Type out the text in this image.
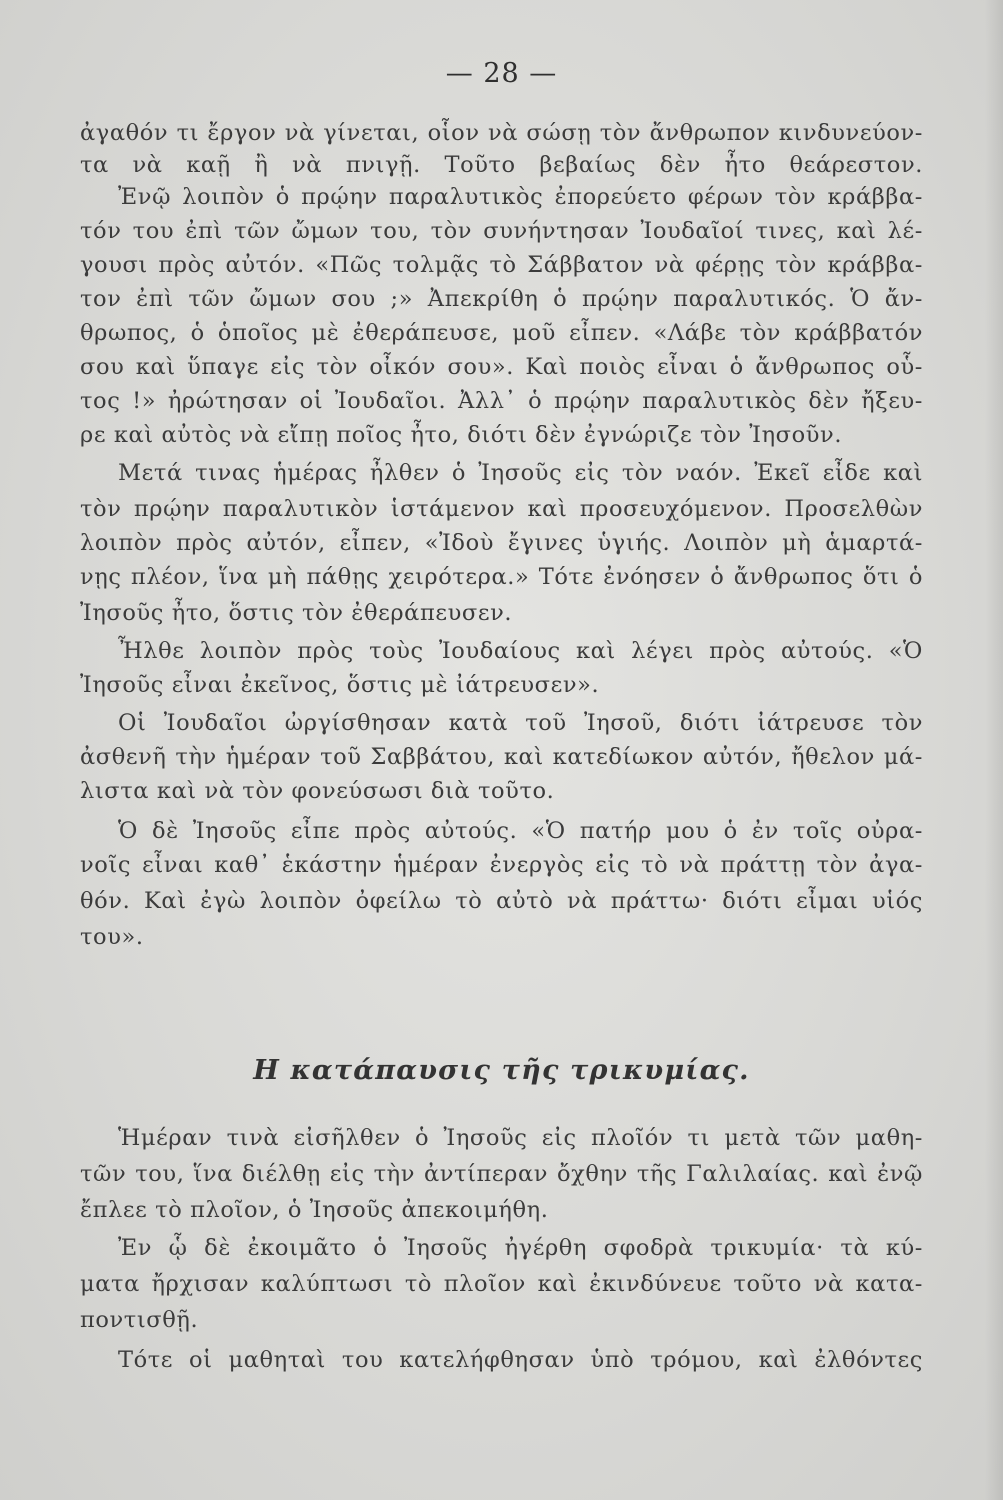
— 28 —
ἀγαθόν τι ἔργον νὰ γίνεται, οἷον νὰ σώσῃ τὸν ἄνθρωπον κινδυνεύον-
τα νὰ καῇ ἢ νὰ πνιγῇ. Τοῦτο βεβαίως δὲν ἦτο θεάρεστον.
Ἐνῷ λοιπὸν ὁ πρῴην παραλυτικὸς ἐπορεύετο φέρων τὸν κράββα-
τόν του ἐπὶ τῶν ὤμων του, τὸν συνήντησαν Ἰουδαῖοί τινες, καὶ λέ-
γουσι πρὸς αὐτόν. «Πῶς τολμᾷς τὸ Σάββατον νὰ φέρῃς τὸν κράββα-
τον ἐπὶ τῶν ὤμων σου ;» Ἀπεκρίθη ὁ πρῴην παραλυτικός. Ὁ ἄν-
θρωπος, ὁ ὁποῖος μὲ ἐθεράπευσε, μοῦ εἶπεν. «Λάβε τὸν κράββατόν
σου καὶ ὕπαγε εἰς τὸν οἶκόν σου». Καὶ ποιὸς εἶναι ὁ ἄνθρωπος οὗ-
τος !» ἠρώτησαν οἱ Ἰουδαῖοι. Ἀλλ᾿ ὁ πρῴην παραλυτικὸς δὲν ἤξευ-
ρε καὶ αὐτὸς νὰ εἴπῃ ποῖος ἦτο, διότι δὲν ἐγνώριζε τὸν Ἰησοῦν.
Μετά τινας ἡμέρας ἦλθεν ὁ Ἰησοῦς εἰς τὸν ναόν. Ἐκεῖ εἶδε καὶ
τὸν πρῴην παραλυτικὸν ἱστάμενον καὶ προσευχόμενον. Προσελθὼν
λοιπὸν πρὸς αὐτόν, εἶπεν, «Ἰδοὺ ἔγινες ὑγιής. Λοιπὸν μὴ ἁμαρτά-
νῃς πλέον, ἵνα μὴ πάθῃς χειρότερα.» Τότε ἐνόησεν ὁ ἄνθρωπος ὅτι ὁ
Ἰησοῦς ἦτο, ὅστις τὸν ἐθεράπευσεν.
Ἦλθε λοιπὸν πρὸς τοὺς Ἰουδαίους καὶ λέγει πρὸς αὐτούς. «Ὁ
Ἰησοῦς εἶναι ἐκεῖνος, ὅστις μὲ ἰάτρευσεν».
Οἱ Ἰουδαῖοι ὠργίσθησαν κατὰ τοῦ Ἰησοῦ, διότι ἰάτρευσε τὸν
ἀσθενῆ τὴν ἡμέραν τοῦ Σαββάτου, καὶ κατεδίωκον αὐτόν, ἤθελον μά-
λιστα καὶ νὰ τὸν φονεύσωσι διὰ τοῦτο.
Ὁ δὲ Ἰησοῦς εἶπε πρὸς αὐτούς. «Ὁ πατήρ μου ὁ ἐν τοῖς οὐρα-
νοῖς εἶναι καθ᾿ ἑκάστην ἡμέραν ἐνεργὸς εἰς τὸ νὰ πράττῃ τὸν ἀγα-
θόν. Καὶ ἐγὼ λοιπὸν ὀφείλω τὸ αὐτὸ νὰ πράττω· διότι εἶμαι υἱός
του».
Η κατάπαυσις τῆς τρικυμίας.
Ἡμέραν τινὰ εἰσῆλθεν ὁ Ἰησοῦς εἰς πλοῖόν τι μετὰ τῶν μαθη-
τῶν του, ἵνα διέλθῃ εἰς τὴν ἀντίπεραν ὄχθην τῆς Γαλιλαίας. καὶ ἐνῷ
ἔπλεε τὸ πλοῖον, ὁ Ἰησοῦς ἀπεκοιμήθη.
Ἐν ᾧ δὲ ἐκοιμᾶτο ὁ Ἰησοῦς ἠγέρθη σφοδρὰ τρικυμία· τὰ κύ-
ματα ἤρχισαν καλύπτωσι τὸ πλοῖον καὶ ἐκινδύνευε τοῦτο νὰ κατα-
ποντισθῇ.
Τότε οἱ μαθηταὶ του κατελήφθησαν ὑπὸ τρόμου, καὶ ἐλθόντες
